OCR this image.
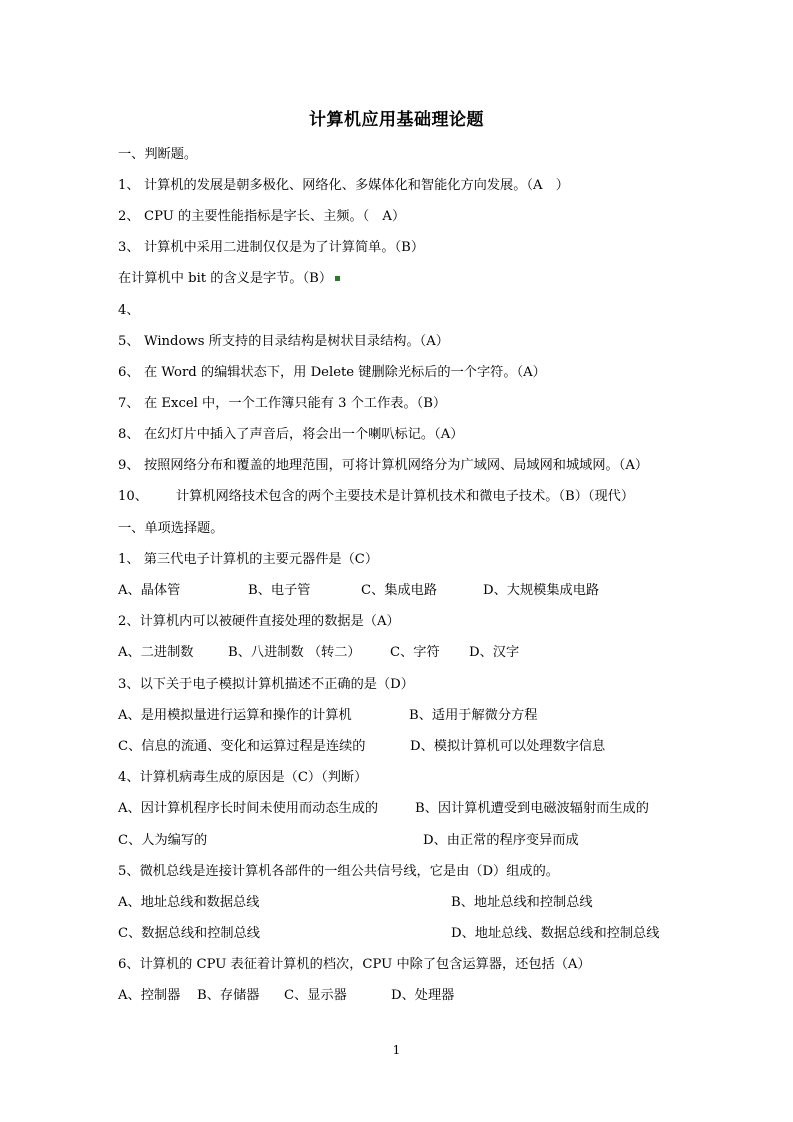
计算机应用基础理论题
一、判断题。
1、 计算机的发展是朝多极化、网络化、多媒体化和智能化方向发展。（A　）
2、 CPU 的主要性能指标是字长、主频。（　A）
3、 计算机中采用二进制仅仅是为了计算简单。（B）
在计算机中 bit 的含义是字节。（B）
4、
5、 Windows 所支持的目录结构是树状目录结构。（A）
6、 在 Word 的编辑状态下，用 Delete 键删除光标后的一个字符。（A）
7、 在 Excel 中，一个工作簿只能有 3 个工作表。（B）
8、 在幻灯片中插入了声音后，将会出一个喇叭标记。（A）
9、 按照网络分布和覆盖的地理范围，可将计算机网络分为广域网、局域网和城域网。（A）
10、 计算机网络技术包含的两个主要技术是计算机技术和微电子技术。（B）（现代）
一、单项选择题。
1、 第三代电子计算机的主要元器件是（C）
A、晶体管	B、电子管	C、集成电路	D、大规模集成电路
2、计算机内可以被硬件直接处理的数据是（A）
A、二进制数	B、八进制数 （转二） C、字符 D、汉字
3、以下关于电子模拟计算机描述不正确的是（D）
A、是用模拟量进行运算和操作的计算机	B、适用于解微分方程
C、信息的流通、变化和运算过程是连续的	D、模拟计算机可以处理数字信息
4、计算机病毒生成的原因是（C）（判断）
A、因计算机程序长时间未使用而动态生成的	B、因计算机遭受到电磁波辐射而生成的
C、人为编写的	D、由正常的程序变异而成
5、微机总线是连接计算机各部件的一组公共信号线，它是由（D）组成的。
A、地址总线和数据总线	B、地址总线和控制总线
C、数据总线和控制总线	D、地址总线、数据总线和控制总线
6、计算机的 CPU 表征着计算机的档次，CPU 中除了包含运算器，还包括（A）
A、控制器 B、存储器 C、显示器	D、处理器
1
